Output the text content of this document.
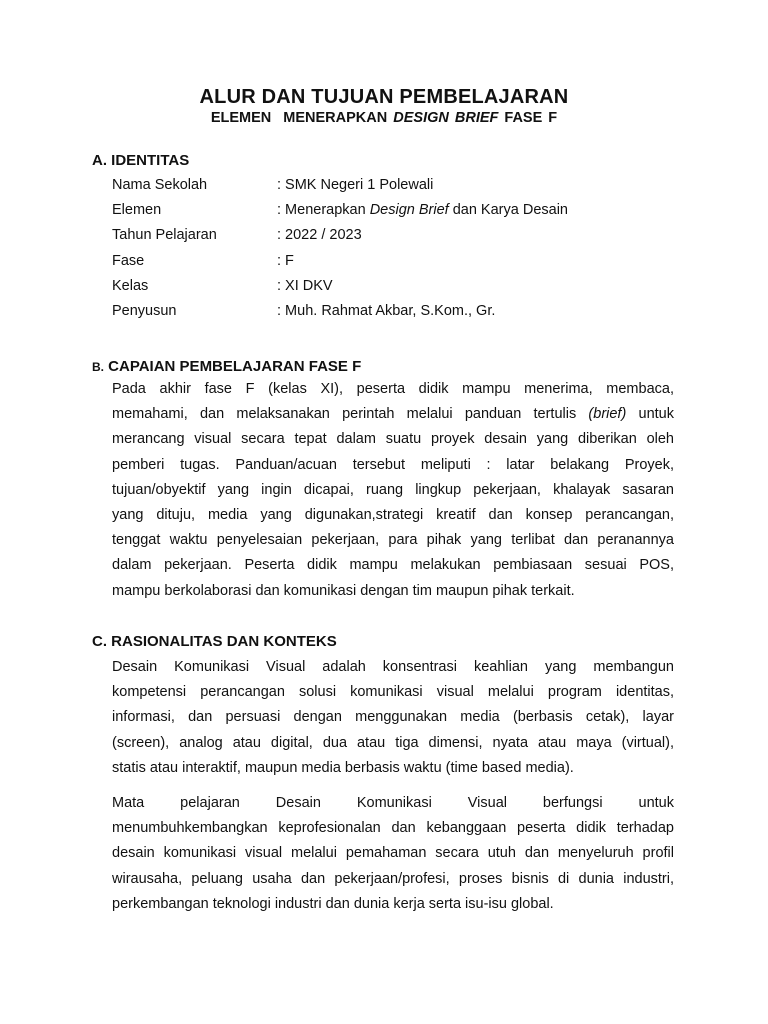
ALUR DAN TUJUAN PEMBELAJARAN
ELEMEN  MENERAPKAN DESIGN BRIEF FASE F
A. IDENTITAS
Nama Sekolah	: SMK Negeri 1 Polewali
Elemen	: Menerapkan Design Brief dan Karya Desain
Tahun Pelajaran	: 2022 / 2023
Fase	: F
Kelas	: XI DKV
Penyusun	: Muh. Rahmat Akbar, S.Kom., Gr.
B. CAPAIAN PEMBELAJARAN FASE F
Pada akhir fase F (kelas XI), peserta didik mampu menerima, membaca,
memahami, dan melaksanakan perintah melalui panduan tertulis (brief) untuk
merancang visual secara tepat dalam suatu proyek desain yang diberikan oleh
pemberi tugas. Panduan/acuan tersebut meliputi : latar belakang Proyek,
tujuan/obyektif yang ingin dicapai, ruang lingkup pekerjaan, khalayak sasaran
yang dituju, media yang digunakan,strategi kreatif dan konsep perancangan,
tenggat waktu penyelesaian pekerjaan, para pihak yang terlibat dan peranannya
dalam pekerjaan. Peserta didik mampu melakukan pembiasaan sesuai POS,
mampu berkolaborasi dan komunikasi dengan tim maupun pihak terkait.
C. RASIONALITAS DAN KONTEKS
Desain Komunikasi Visual adalah konsentrasi keahlian yang membangun
kompetensi perancangan solusi komunikasi visual melalui program identitas,
informasi, dan persuasi dengan menggunakan media (berbasis cetak), layar
(screen), analog atau digital, dua atau tiga dimensi, nyata atau maya (virtual),
statis atau interaktif, maupun media berbasis waktu (time based media).
Mata pelajaran Desain Komunikasi Visual berfungsi untuk
menumbuhkembangkan keprofesionalan dan kebanggaan peserta didik terhadap
desain komunikasi visual melalui pemahaman secara utuh dan menyeluruh profil
wirausaha, peluang usaha dan pekerjaan/profesi, proses bisnis di dunia industri,
perkembangan teknologi industri dan dunia kerja serta isu-isu global.
